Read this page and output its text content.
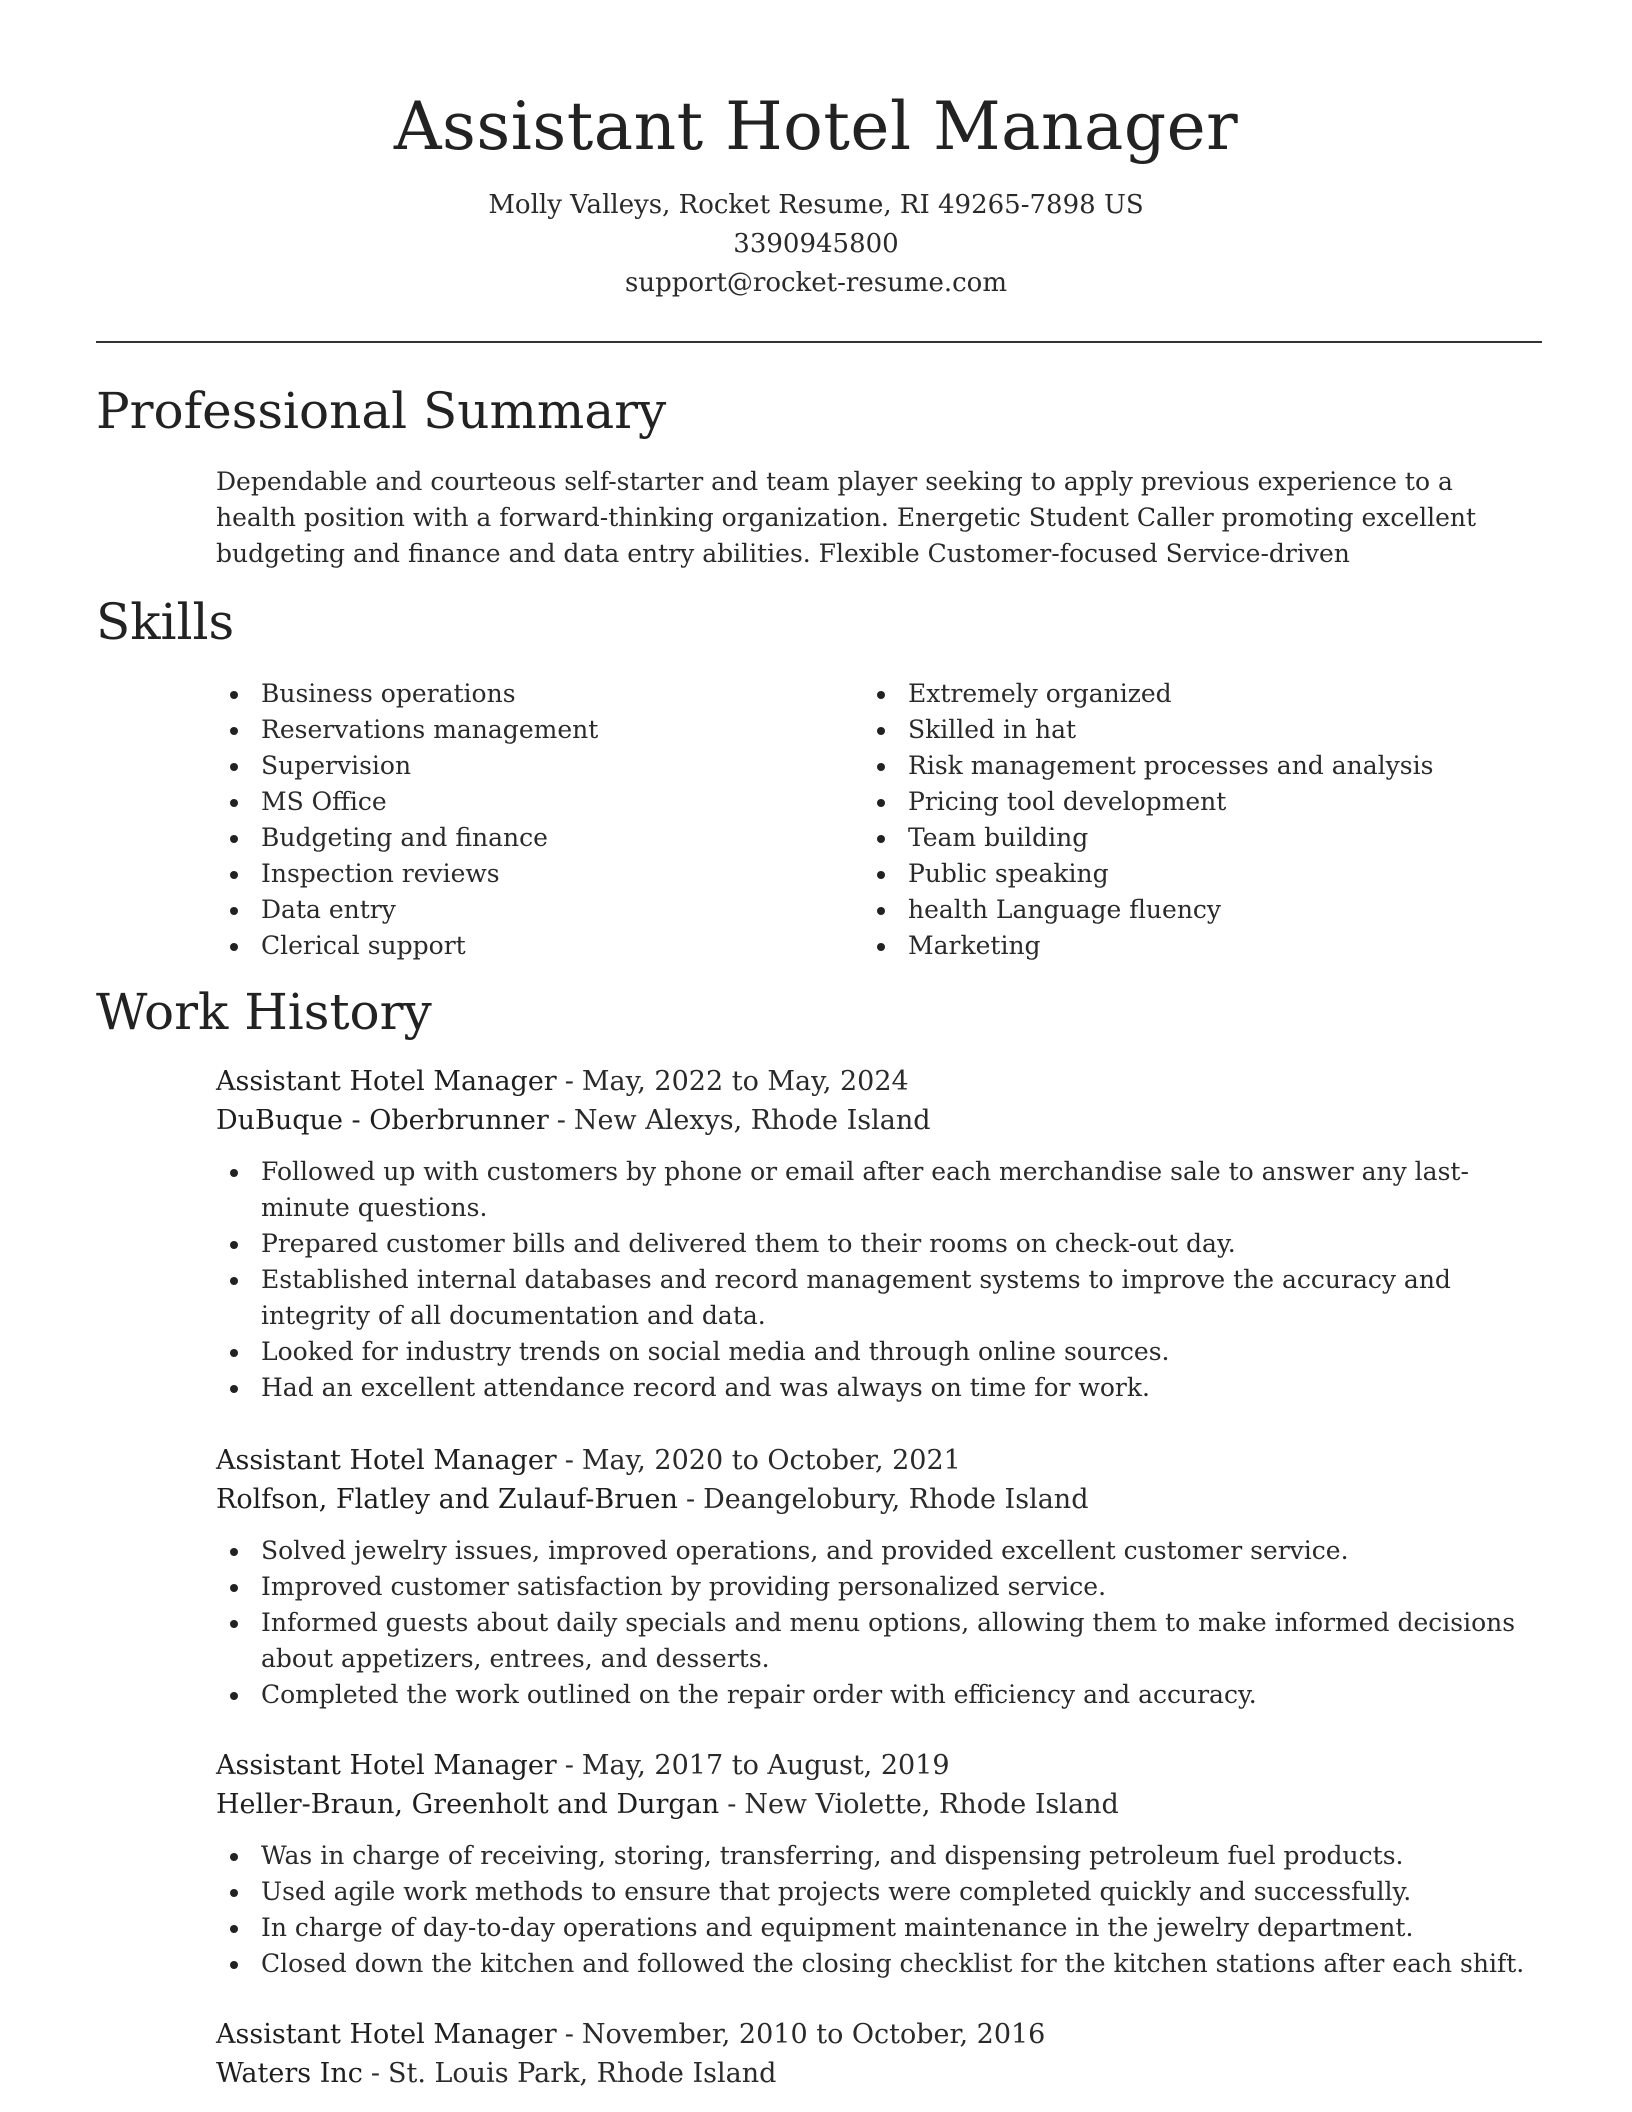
Assistant Hotel Manager
Molly Valleys, Rocket Resume, RI 49265-7898 US
3390945800
support@rocket-resume.com
Professional Summary

Dependable and courteous self-starter and team player seeking to apply previous experience to a health position with a forward-thinking organization. Energetic Student Caller promoting excellent budgeting and finance and data entry abilities. Flexible Customer-focused Service-driven

Skills
Business operations
Reservations management
Supervision
MS Office
Budgeting and finance
Inspection reviews
Data entry
Clerical support
Extremely organized
Skilled in hat
Risk management processes and analysis
Pricing tool development
Team building
Public speaking
health Language fluency
Marketing
Work History
Assistant Hotel Manager - May, 2022 to May, 2024
DuBuque - Oberbrunner - New Alexys, Rhode Island
Followed up with customers by phone or email after each merchandise sale to answer any last-minute questions.
Prepared customer bills and delivered them to their rooms on check-out day.
Established internal databases and record management systems to improve the accuracy and integrity of all documentation and data.
Looked for industry trends on social media and through online sources.
Had an excellent attendance record and was always on time for work.
Assistant Hotel Manager - May, 2020 to October, 2021
Rolfson, Flatley and Zulauf-Bruen - Deangelobury, Rhode Island
Solved jewelry issues, improved operations, and provided excellent customer service.
Improved customer satisfaction by providing personalized service.
Informed guests about daily specials and menu options, allowing them to make informed decisions about appetizers, entrees, and desserts.
Completed the work outlined on the repair order with efficiency and accuracy.
Assistant Hotel Manager - May, 2017 to August, 2019
Heller-Braun, Greenholt and Durgan - New Violette, Rhode Island
Was in charge of receiving, storing, transferring, and dispensing petroleum fuel products.
Used agile work methods to ensure that projects were completed quickly and successfully.
In charge of day-to-day operations and equipment maintenance in the jewelry department.
Closed down the kitchen and followed the closing checklist for the kitchen stations after each shift.
Assistant Hotel Manager - November, 2010 to October, 2016
Waters Inc - St. Louis Park, Rhode Island
